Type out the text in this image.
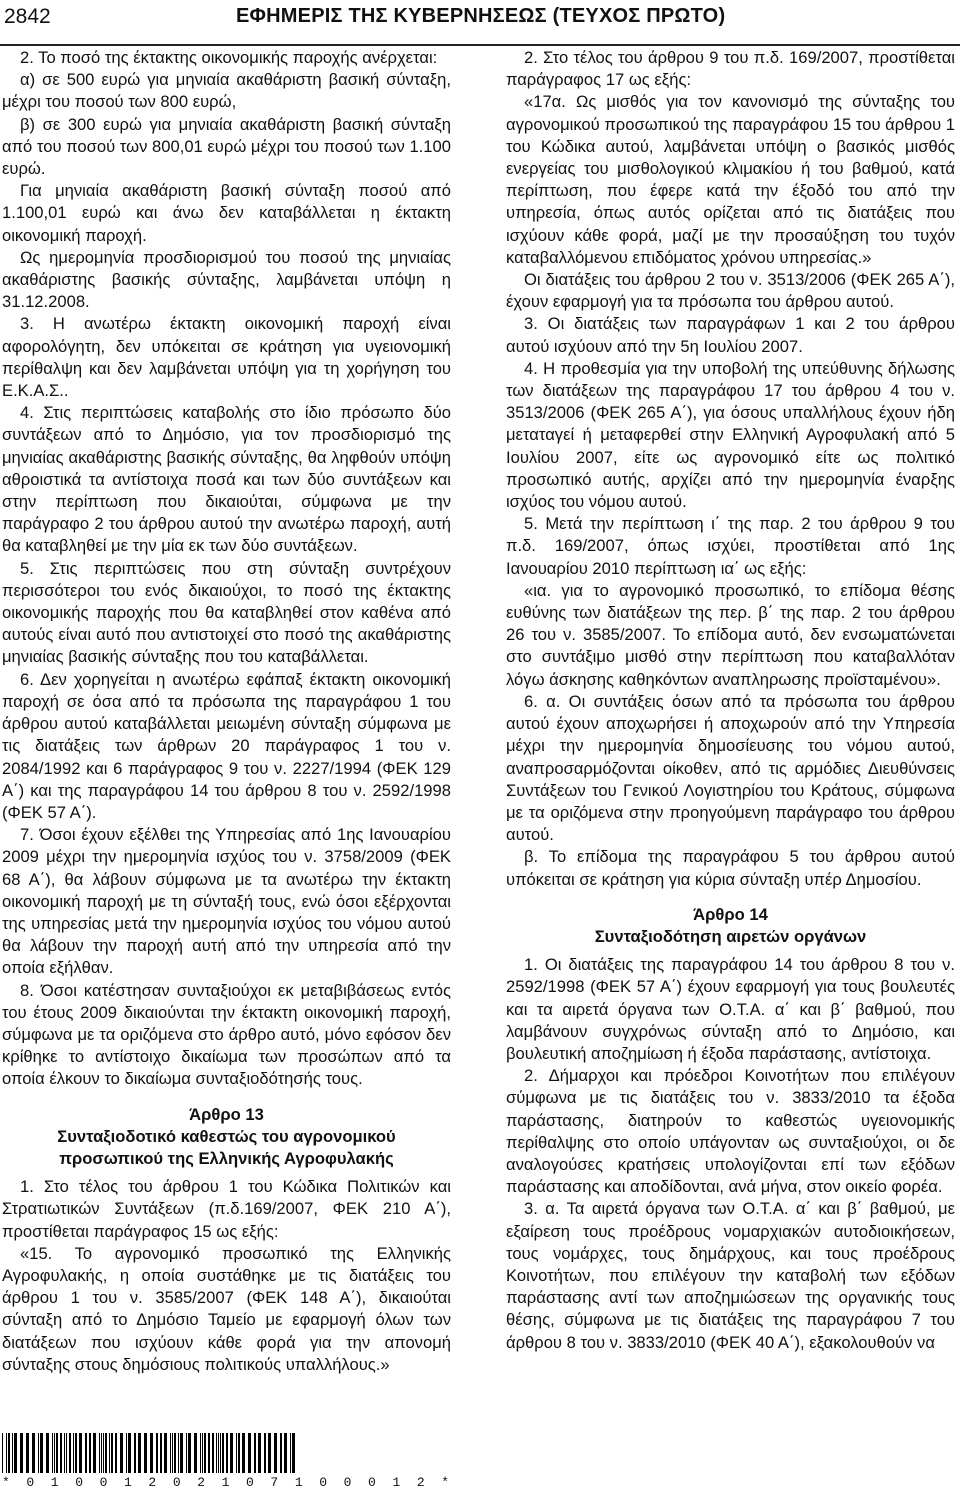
2842	ΕΦΗΜΕΡΙΣ ΤΗΣ ΚΥΒΕΡΝΗΣΕΩΣ (ΤΕΥΧΟΣ ΠΡΩΤΟ)

2. Το ποσό της έκτακτης οικονομικής παροχής ανέρχεται:

α) σε 500 ευρώ για μηνιαία ακαθάριστη βασική σύνταξη, μέχρι του ποσού των 800 ευρώ,

β) σε 300 ευρώ για μηνιαία ακαθάριστη βασική σύνταξη από του ποσού των 800,01 ευρώ μέχρι του ποσού των 1.100 ευρώ.

Για μηνιαία ακαθάριστη βασική σύνταξη ποσού από 1.100,01 ευρώ και άνω δεν καταβάλλεται η έκτακτη οικονομική παροχή.

Ως ημερομηνία προσδιορισμού του ποσού της μηνιαίας ακαθάριστης βασικής σύνταξης, λαμβάνεται υπόψη η 31.12.2008.

3. Η ανωτέρω έκτακτη οικονομική παροχή είναι αφορολόγητη, δεν υπόκειται σε κράτηση για υγειονομική περίθαλψη και δεν λαμβάνεται υπόψη για τη χορήγηση του Ε.Κ.Α.Σ..

4. Στις περιπτώσεις καταβολής στο ίδιο πρόσωπο δύο συντάξεων από το Δημόσιο, για τον προσδιορισμό της μηνιαίας ακαθάριστης βασικής σύνταξης, θα ληφθούν υπόψη αθροιστικά τα αντίστοιχα ποσά και των δύο συντάξεων και στην περίπτωση που δικαιούται, σύμφωνα με την παράγραφο 2 του άρθρου αυτού την ανωτέρω παροχή, αυτή θα καταβληθεί με την μία εκ των δύο συντάξεων.

5. Στις περιπτώσεις που στη σύνταξη συντρέχουν περισσότεροι του ενός δικαιούχοι, το ποσό της έκτακτης οικονομικής παροχής που θα καταβληθεί στον καθένα από αυτούς είναι αυτό που αντιστοιχεί στο ποσό της ακαθάριστης μηνιαίας βασικής σύνταξης που του καταβάλλεται.

6. Δεν χορηγείται η ανωτέρω εφάπαξ έκτακτη οικονομική παροχή σε όσα από τα πρόσωπα της παραγράφου 1 του άρθρου αυτού καταβάλλεται μειωμένη σύνταξη σύμφωνα με τις διατάξεις των άρθρων 20 παράγραφος 1 του ν. 2084/1992 και 6 παράγραφος 9 του ν. 2227/1994 (ΦΕΚ 129 Α΄) και της παραγράφου 14 του άρθρου 8 του ν. 2592/1998 (ΦΕΚ 57 Α΄).

7. Όσοι έχουν εξέλθει της Υπηρεσίας από 1ης Ιανουαρίου 2009 μέχρι την ημερομηνία ισχύος του ν. 3758/2009 (ΦΕΚ 68 Α΄), θα λάβουν σύμφωνα με τα ανωτέρω την έκτακτη οικονομική παροχή με τη σύνταξή τους, ενώ όσοι εξέρχονται της υπηρεσίας μετά την ημερομηνία ισχύος του νόμου αυτού θα λάβουν την παροχή αυτή από την υπηρεσία από την οποία εξήλθαν.

8. Όσοι κατέστησαν συνταξιούχοι εκ μεταβιβάσεως εντός του έτους 2009 δικαιούνται την έκτακτη οικονομική παροχή, σύμφωνα με τα οριζόμενα στο άρθρο αυτό, μόνο εφόσον δεν κρίθηκε το αντίστοιχο δικαίωμα των προσώπων από τα οποία έλκουν το δικαίωμα συνταξιοδότησής τους.

Άρθρο 13

Συνταξιοδοτικό καθεστώς του αγρονομικού

προσωπικού της Ελληνικής Αγροφυλακής

1. Στο τέλος του άρθρου 1 του Κώδικα Πολιτικών και Στρατιωτικών Συντάξεων (π.δ.169/2007, ΦΕΚ 210 Α΄), προστίθεται παράγραφος 15 ως εξής:

«15. Το αγρονομικό προσωπικό της Ελληνικής Αγροφυλακής, η οποία συστάθηκε με τις διατάξεις του άρθρου 1 του ν. 3585/2007 (ΦΕΚ 148 Α΄), δικαιούται σύνταξη από το Δημόσιο Ταμείο με εφαρμογή όλων των διατάξεων που ισχύουν κάθε φορά για την απονομή σύνταξης στους δημόσιους πολιτικούς υπαλλήλους.»

2. Στο τέλος του άρθρου 9 του π.δ. 169/2007, προστίθεται παράγραφος 17 ως εξής:

«17α. Ως μισθός για τον κανονισμό της σύνταξης του αγρονομικού προσωπικού της παραγράφου 15 του άρθρου 1 του Κώδικα αυτού, λαμβάνεται υπόψη ο βασικός μισθός ενεργείας του μισθολογικού κλιμακίου ή του βαθμού, κατά περίπτωση, που έφερε κατά την έξοδό του από την υπηρεσία, όπως αυτός ορίζεται από τις διατάξεις που ισχύουν κάθε φορά, μαζί με την προσαύξηση του τυχόν καταβαλλόμενου επιδόματος χρόνου υπηρεσίας.»

Οι διατάξεις του άρθρου 2 του ν. 3513/2006 (ΦΕΚ 265 Α΄), έχουν εφαρμογή για τα πρόσωπα του άρθρου αυτού.

3. Οι διατάξεις των παραγράφων 1 και 2 του άρθρου αυτού ισχύουν από την 5η Ιουλίου 2007.

4. Η προθεσμία για την υποβολή της υπεύθυνης δήλωσης των διατάξεων της παραγράφου 17 του άρθρου 4 του ν. 3513/2006 (ΦΕΚ 265 Α΄), για όσους υπαλλήλους έχουν ήδη μεταταγεί ή μεταφερθεί στην Ελληνική Αγροφυλακή από 5 Ιουλίου 2007, είτε ως αγρονομικό είτε ως πολιτικό προσωπικό αυτής, αρχίζει από την ημερομηνία έναρξης ισχύος του νόμου αυτού.

5. Μετά την περίπτωση ι΄ της παρ. 2 του άρθρου 9 του π.δ. 169/2007, όπως ισχύει, προστίθεται από 1ης Ιανουαρίου 2010 περίπτωση ια΄ ως εξής:

«ια. για το αγρονομικό προσωπικό, το επίδομα θέσης ευθύνης των διατάξεων της περ. β΄ της παρ. 2 του άρθρου 26 του ν. 3585/2007. Το επίδομα αυτό, δεν ενσωματώνεται στο συντάξιμο μισθό στην περίπτωση που καταβαλλόταν λόγω άσκησης καθηκόντων αναπληρωσης προϊσταμένου».

6. α. Οι συντάξεις όσων από τα πρόσωπα του άρθρου αυτού έχουν αποχωρήσει ή αποχωρούν από την Υπηρεσία μέχρι την ημερομηνία δημοσίευσης του νόμου αυτού, αναπροσαρμόζονται οίκοθεν, από τις αρμόδιες Διευθύνσεις Συντάξεων του Γενικού Λογιστηρίου του Κράτους, σύμφωνα με τα οριζόμενα στην προηγούμενη παράγραφο του άρθρου αυτού.

β. Το επίδομα της παραγράφου 5 του άρθρου αυτού υπόκειται σε κράτηση για κύρια σύνταξη υπέρ Δημοσίου.

Άρθρο 14

Συνταξιοδότηση αιρετών οργάνων

1. Οι διατάξεις της παραγράφου 14 του άρθρου 8 του ν. 2592/1998 (ΦΕΚ 57 Α΄) έχουν εφαρμογή για τους βουλευτές και τα αιρετά όργανα των Ο.Τ.Α. α΄ και β΄ βαθμού, που λαμβάνουν συγχρόνως σύνταξη από το Δημόσιο, και βουλευτική αποζημίωση ή έξοδα παράστασης, αντίστοιχα.

2. Δήμαρχοι και πρόεδροι Κοινοτήτων που επιλέγουν σύμφωνα με τις διατάξεις του ν. 3833/2010 τα έξοδα παράστασης, διατηρούν το καθεστώς υγειονομικής περίθαλψης στο οποίο υπάγονταν ως συνταξιούχοι, οι δε αναλογούσες κρατήσεις υπολογίζονται επί των εξόδων παράστασης και αποδίδονται, ανά μήνα, στον οικείο φορέα.

3. α. Τα αιρετά όργανα των Ο.Τ.Α. α΄ και β΄ βαθμού, με εξαίρεση τους προέδρους νομαρχιακών αυτοδιοικήσεων, τους νομάρχες, τους δημάρχους, και τους προέδρους Κοινοτήτων, που επιλέγουν την καταβολή των εξόδων παράστασης αντί των αποζημιώσεων της οργανικής τους θέσης, σύμφωνα με τις διατάξεις της παραγράφου 7 του άρθρου 8 του ν. 3833/2010 (ΦΕΚ 40 Α΄), εξακολουθούν να

* 0 1 0 0 1 2 0 2 1 0 7 1 0 0 0 1 2 *
